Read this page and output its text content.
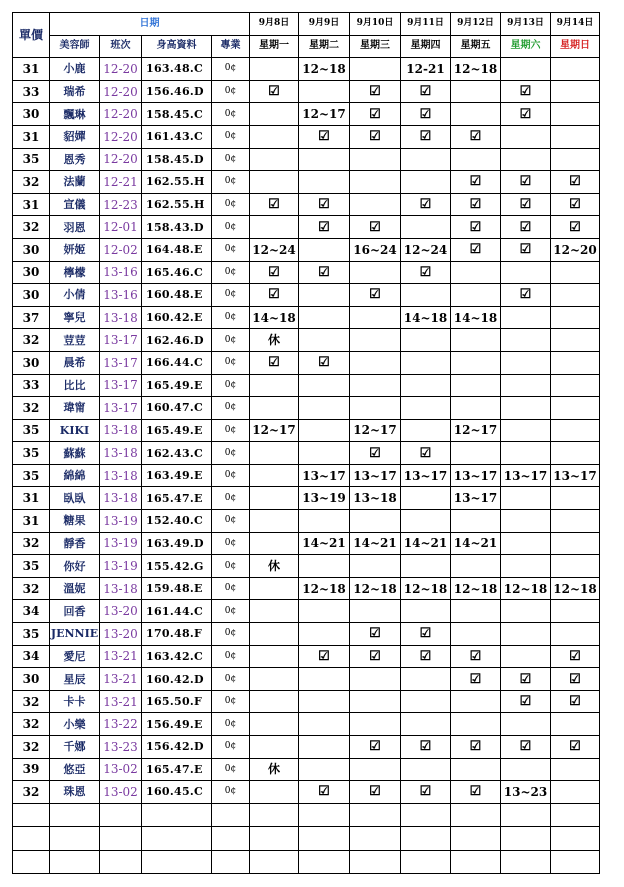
單價	日期				9月8日	9月9日	9月10日	9月11日	9月12日	9月13日	9月14日
	美容師	班次	身高資料	專業	星期一	星期二	星期三	星期四	星期五	星期六	星期日
31	小鹿	12-20	163.48.C	0¢		12~18		12-21	12~18		
33	瑞希	12-20	156.46.D	0¢	☑		☑	☑		☑	
30	飄琳	12-20	158.45.C	0¢		12~17	☑	☑		☑	
31	貂嬋	12-20	161.43.C	0¢		☑	☑	☑	☑		
35	恩秀	12-20	158.45.D	0¢							
32	法蘭	12-21	162.55.H	0¢					☑	☑	☑
31	宣儀	12-23	162.55.H	0¢	☑	☑		☑	☑	☑	☑
32	羽恩	12-01	158.43.D	0¢		☑	☑		☑	☑	☑
30	妍姬	12-02	164.48.E	0¢	12~24		16~24	12~24	☑	☑	12~20
30	檸檬	13-16	165.46.C	0¢	☑	☑		☑			
30	小倩	13-16	160.48.E	0¢	☑		☑			☑	
37	寧兒	13-18	160.42.E	0¢	14~18			14~18	14~18		
32	荳荳	13-17	162.46.D	0¢	休						
30	晨希	13-17	166.44.C	0¢	☑	☑					
33	比比	13-17	165.49.E	0¢							
32	瑋甯	13-17	160.47.C	0¢							
35	KIKI	13-18	165.49.E	0¢	12~17		12~17		12~17		
35	蘇蘇	13-18	162.43.C	0¢			☑	☑			
35	綿綿	13-18	163.49.E	0¢		13~17	13~17	13~17	13~17	13~17	13~17
31	臥臥	13-18	165.47.E	0¢		13~19	13~18		13~17		
31	糖果	13-19	152.40.C	0¢							
32	靜香	13-19	163.49.D	0¢		14~21	14~21	14~21	14~21		
35	你好	13-19	155.42.G	0¢	休						
32	溫妮	13-18	159.48.E	0¢		12~18	12~18	12~18	12~18	12~18	12~18
34	回香	13-20	161.44.C	0¢							
35	JENNIE	13-20	170.48.F	0¢			☑	☑			
34	愛尼	13-21	163.42.C	0¢		☑	☑	☑	☑		☑
30	星辰	13-21	160.42.D	0¢					☑	☑	☑
32	卡卡	13-21	165.50.F	0¢						☑	☑
32	小樂	13-22	156.49.E	0¢							
32	千娜	13-23	156.42.D	0¢			☑	☑	☑	☑	☑
39	悠亞	13-02	165.47.E	0¢	休						
32	珠恩	13-02	160.45.C	0¢		☑	☑	☑	☑	13~23	
